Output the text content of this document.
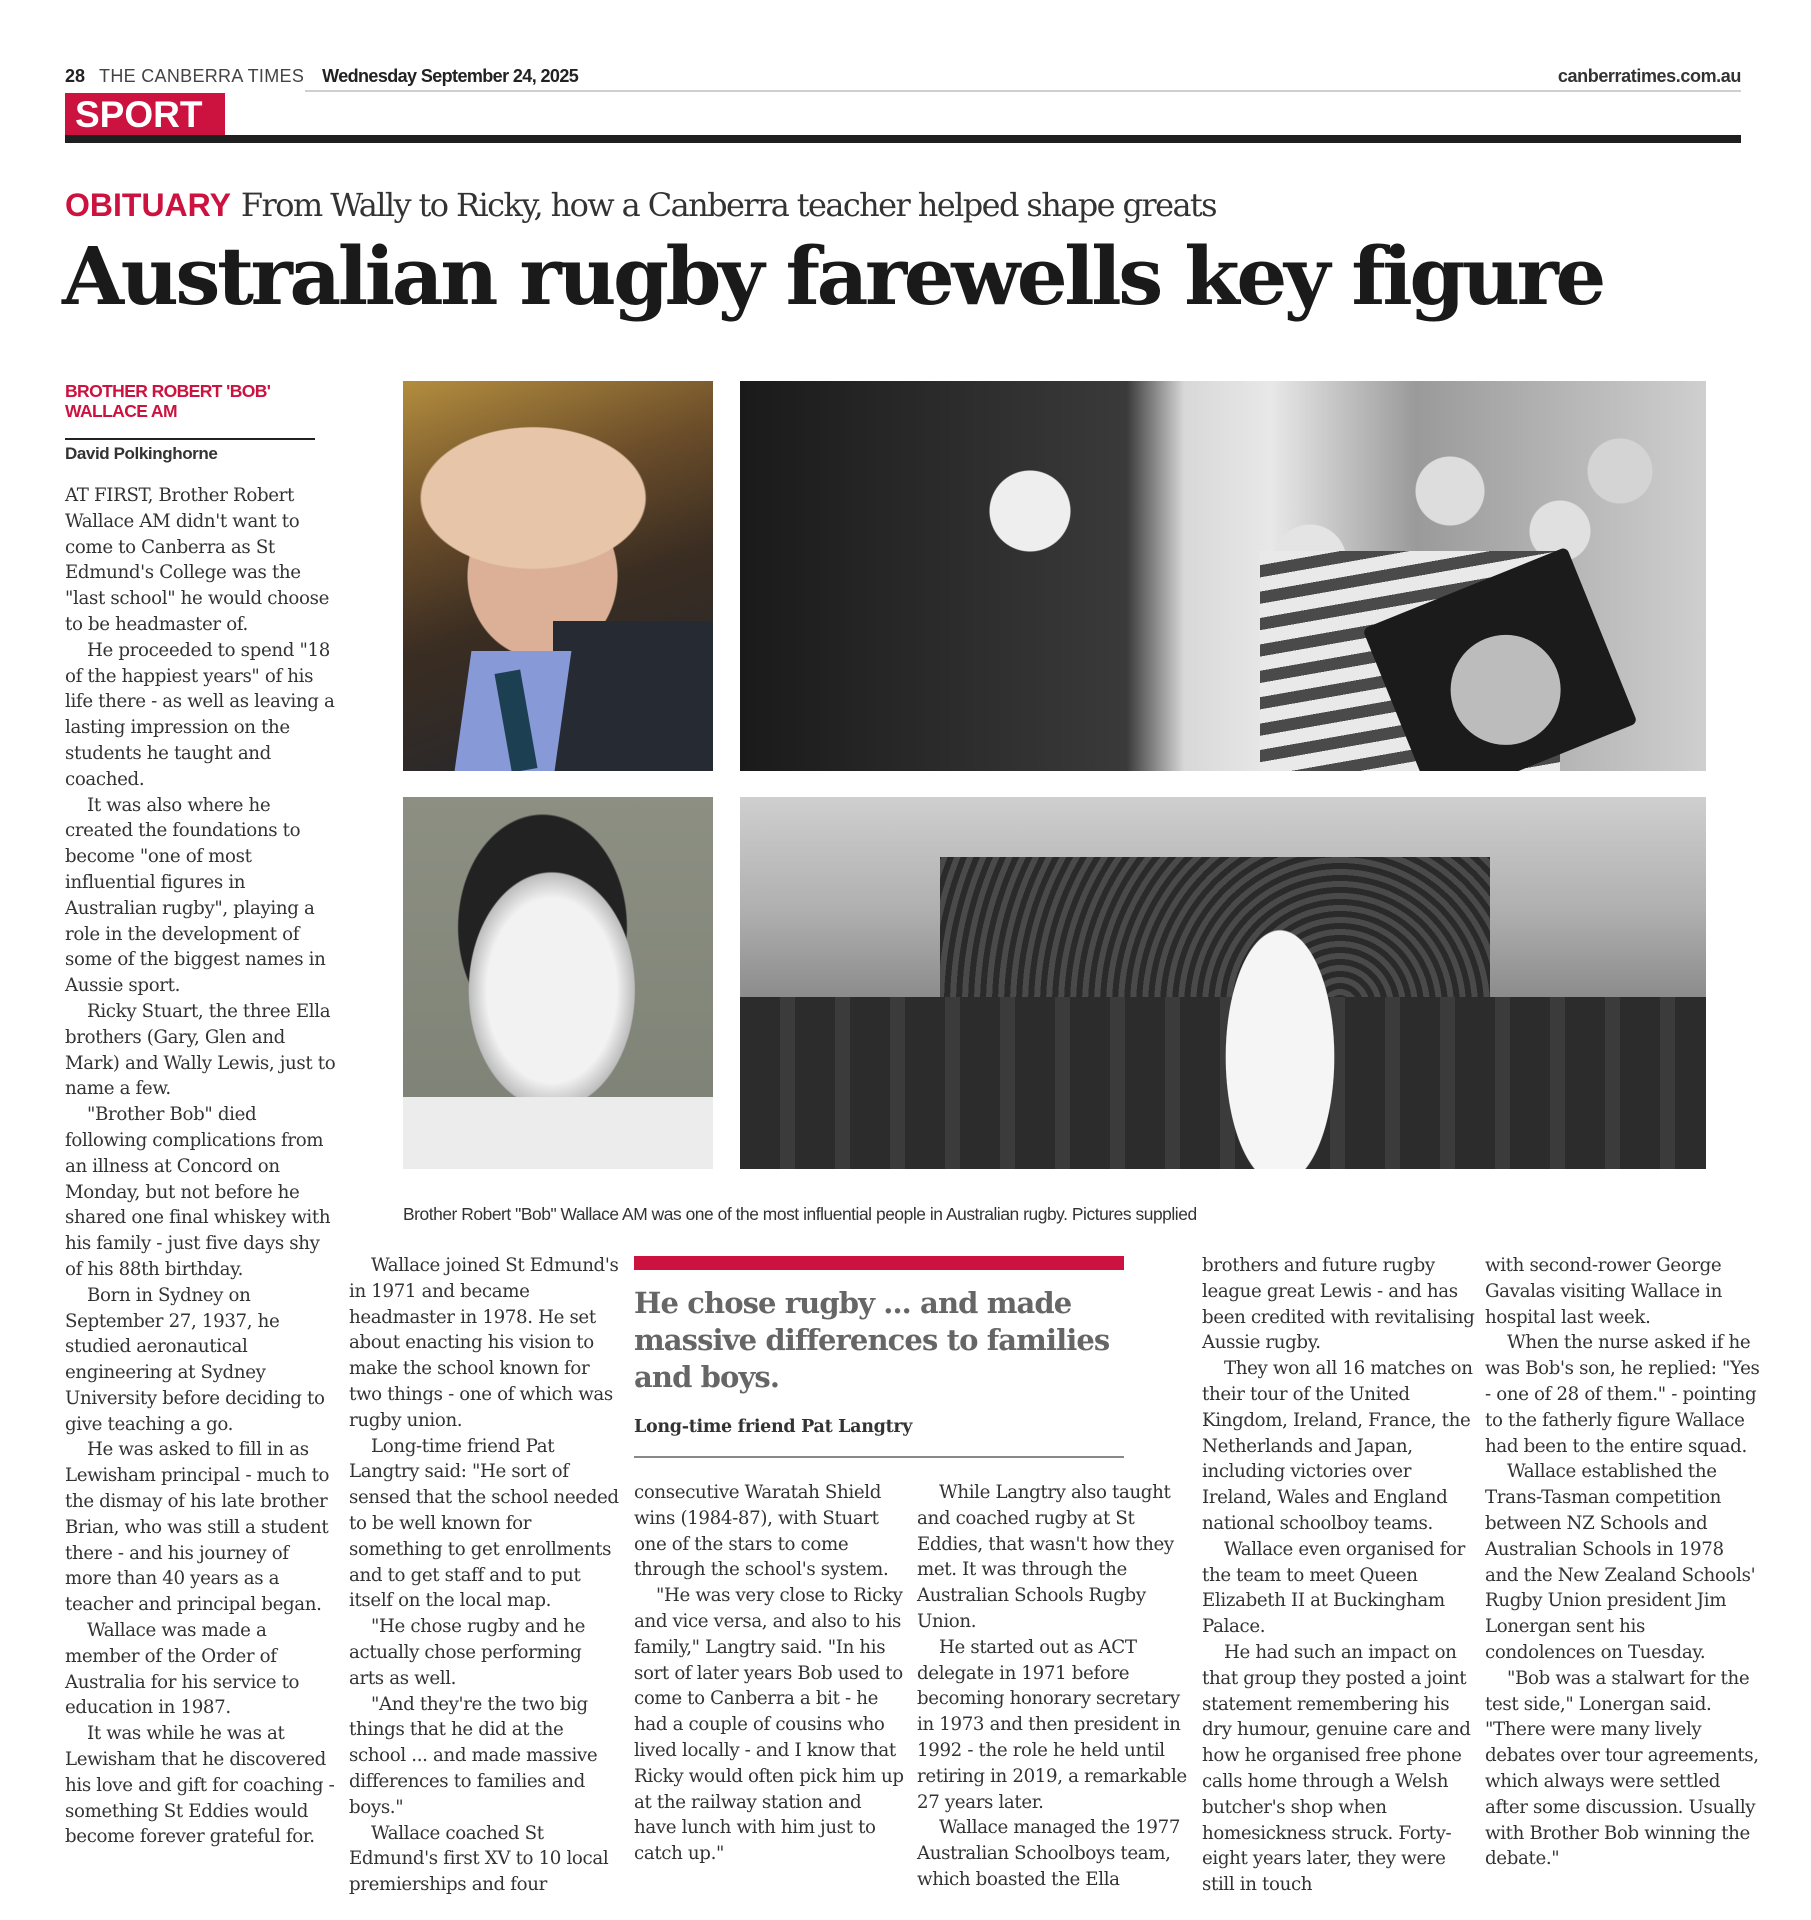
28 THE CANBERRA TIMES Wednesday September 24, 2025	canberratimes.com.au
SPORT
OBITUARY From Wally to Ricky, how a Canberra teacher helped shape greats
Australian rugby farewells key figure
BROTHER ROBERT 'BOB' WALLACE AM
David Polkinghorne
Brother Robert "Bob" Wallace AM was one of the most influential people in Australian rugby. Pictures supplied

AT FIRST, Brother Robert Wallace AM didn't want to come to Canberra as St Edmund's College was the "last school" he would choose to be headmaster of.

He proceeded to spend "18 of the happiest years" of his life there - as well as leaving a lasting impression on the students he taught and coached.

It was also where he created the foundations to become "one of most influential figures in Australian rugby", playing a role in the development of some of the biggest names in Aussie sport.

Ricky Stuart, the three Ella brothers (Gary, Glen and Mark) and Wally Lewis, just to name a few.

"Brother Bob" died following complications from an illness at Concord on Monday, but not before he shared one final whiskey with his family - just five days shy of his 88th birthday.

Born in Sydney on September 27, 1937, he studied aeronautical engineering at Sydney University before deciding to give teaching a go.

He was asked to fill in as Lewisham principal - much to the dismay of his late brother Brian, who was still a student there - and his journey of more than 40 years as a teacher and principal began.

Wallace was made a member of the Order of Australia for his service to education in 1987.

It was while he was at Lewisham that he discovered his love and gift for coaching - something St Eddies would become forever grateful for.

Wallace joined St Edmund's in 1971 and became headmaster in 1978. He set about enacting his vision to make the school known for two things - one of which was rugby union.

Long-time friend Pat Langtry said: "He sort of sensed that the school needed to be well known for something to get enrollments and to get staff and to put itself on the local map.

"He chose rugby and he actually chose performing arts as well.

"And they're the two big things that he did at the school ... and made massive differences to families and boys."

Wallace coached St Edmund's first XV to 10 local premierships and four

consecutive Waratah Shield wins (1984-87), with Stuart one of the stars to come through the school's system.

"He was very close to Ricky and vice versa, and also to his family," Langtry said. "In his sort of later years Bob used to come to Canberra a bit - he had a couple of cousins who lived locally - and I know that Ricky would often pick him up at the railway station and have lunch with him just to catch up."

While Langtry also taught and coached rugby at St Eddies, that wasn't how they met. It was through the Australian Schools Rugby Union.

He started out as ACT delegate in 1971 before becoming honorary secretary in 1973 and then president in 1992 - the role he held until retiring in 2019, a remarkable 27 years later.

Wallace managed the 1977 Australian Schoolboys team, which boasted the Ella

brothers and future rugby league great Lewis - and has been credited with revitalising Aussie rugby.

They won all 16 matches on their tour of the United Kingdom, Ireland, France, the Netherlands and Japan, including victories over Ireland, Wales and England national schoolboy teams.

Wallace even organised for the team to meet Queen Elizabeth II at Buckingham Palace.

He had such an impact on that group they posted a joint statement remembering his dry humour, genuine care and how he organised free phone calls home through a Welsh butcher's shop when homesickness struck. Forty-eight years later, they were still in touch

with second-rower George Gavalas visiting Wallace in hospital last week.

When the nurse asked if he was Bob's son, he replied: "Yes - one of 28 of them." - pointing to the fatherly figure Wallace had been to the entire squad.

Wallace established the Trans-Tasman competition between NZ Schools and Australian Schools in 1978 and the New Zealand Schools' Rugby Union president Jim Lonergan sent his condolences on Tuesday.

"Bob was a stalwart for the test side," Lonergan said. "There were many lively debates over tour agreements, which always were settled after some discussion. Usually with Brother Bob winning the debate."

He chose rugby ... and made massive differences to families and boys.
Long-time friend Pat Langtry
